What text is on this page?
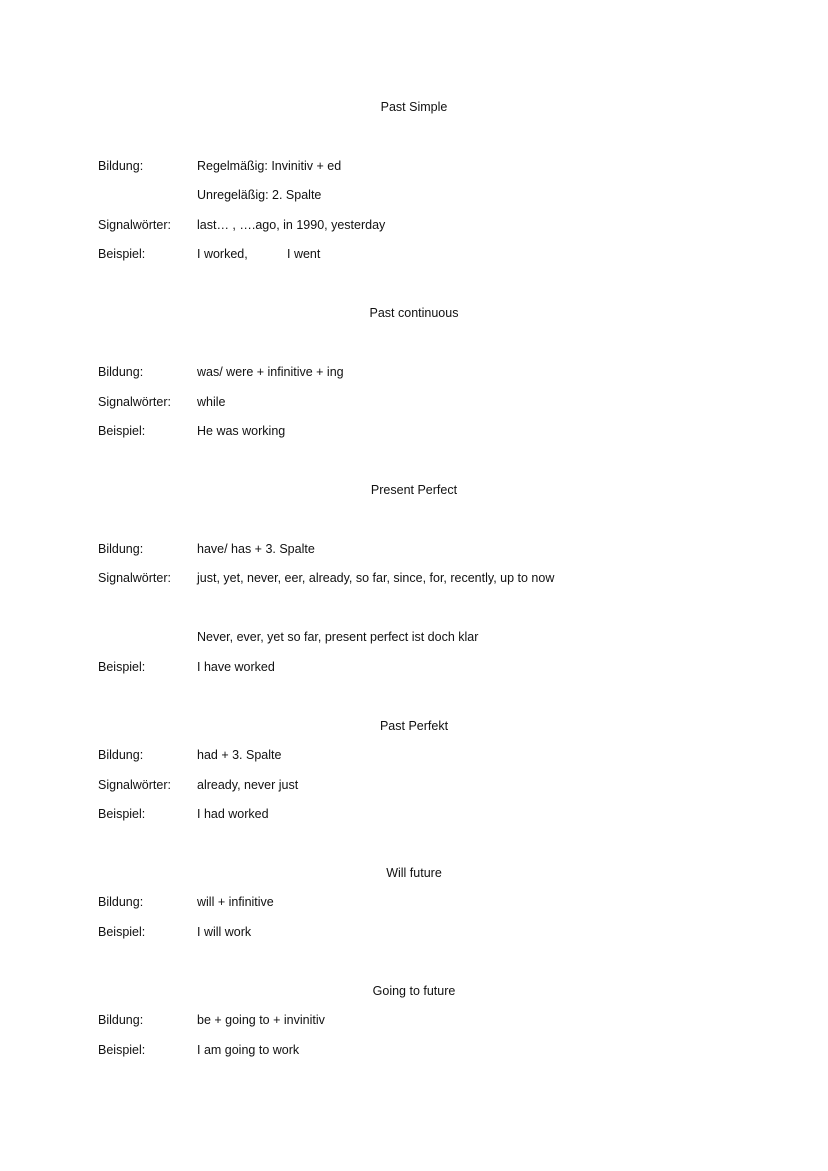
Past Simple
Bildung:	Regelmäßig: Invinitiv + ed
Unregeläßig: 2. Spalte
Signalwörter: last… , ….ago, in 1990, yesterday
Beispiel:	I worked,	I went
Past continuous
Bildung:	was/ were + infinitive + ing
Signalwörter: while
Beispiel:	He was working
Present Perfect
Bildung:	have/ has + 3. Spalte
Signalwörter: just, yet, never, eer, already, so far, since, for, recently, up to now
Never, ever, yet so far, present perfect ist doch klar
Beispiel:	I have worked
Past Perfekt
Bildung:	had + 3. Spalte
Signalwörter: already, never just
Beispiel:	I had worked
Will future
Bildung:	will + infinitive
Beispiel:	I will work
Going to future
Bildung:	be + going to + invinitiv
Beispiel:	I am going to work
